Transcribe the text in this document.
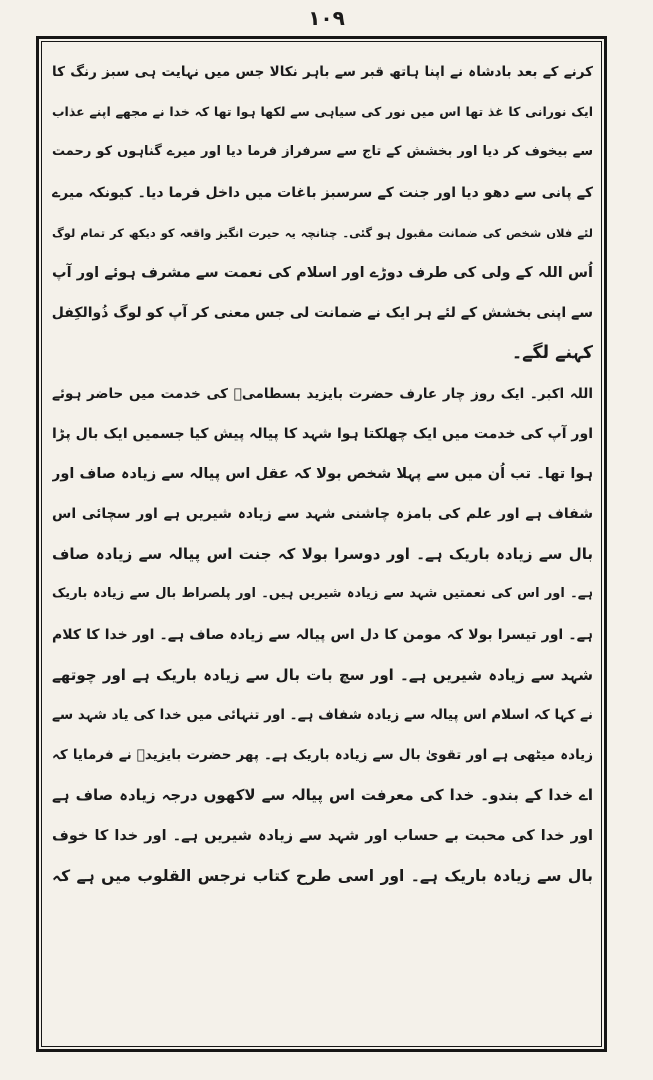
۱۰۹
کرنے کے بعد بادشاہ نے اپنا ہاتھ قبر سے باہر نکالا جس میں نہایت ہی سبز رنگ کا
ایک نورانی کا غذ تھا اس میں نور کی سیاہی سے لکھا ہوا تھا کہ خدا نے مجھے اپنے عذاب
سے بیخوف کر دیا اور بخشش کے تاج سے سرفراز فرما دیا اور میرے گناہوں کو رحمت
کے پانی سے دھو دیا اور جنت کے سرسبز باغات میں داخل فرما دیا۔ کیونکہ میرے
لئے فلاں شخص کی ضمانت مقبول ہو گئی۔ چنانچہ یہ حیرت انگیز واقعہ کو دیکھ کر تمام لوگ
اُس اللہ کے ولی کی طرف دوڑے اور اسلام کی نعمت سے مشرف ہوئے اور آپ
سے اپنی بخشش کے لئے ہر ایک نے ضمانت لی جس معنی کر آپ کو لوگ ذُوالکِفل
کہنے لگے۔
اللہ اکبر۔ ایک روز چار عارف حضرت بایزید بسطامیؒ کی خدمت میں حاضر ہوئے
اور آپ کی خدمت میں ایک چھلکتا ہوا شہد کا پیالہ پیش کیا جسمیں ایک بال پڑا
ہوا تھا۔ تب اُن میں سے پہلا شخص بولا کہ عقل اس پیالہ سے زیادہ صاف اور
شفاف ہے اور علم کی بامزہ چاشنی شہد سے زیادہ شیریں ہے اور سچائی اس
بال سے زیادہ باریک ہے۔ اور دوسرا بولا کہ جنت اس پیالہ سے زیادہ صاف
ہے۔ اور اس کی نعمتیں شہد سے زیادہ شیریں ہیں۔ اور پلصراط بال سے زیادہ باریک
ہے۔ اور تیسرا بولا کہ مومن کا دل اس پیالہ سے زیادہ صاف ہے۔ اور خدا کا کلام
شہد سے زیادہ شیریں ہے۔ اور سچ بات بال سے زیادہ باریک ہے اور چوتھے
نے کہا کہ اسلام اس پیالہ سے زیادہ شفاف ہے۔ اور تنہائی میں خدا کی یاد شہد سے
زیادہ میٹھی ہے اور تقویٰ بال سے زیادہ باریک ہے۔ پھر حضرت بایزیدؒ نے فرمایا کہ
اے خدا کے بندو۔ خدا کی معرفت اس پیالہ سے لاکھوں درجہ زیادہ صاف ہے
اور خدا کی محبت بے حساب اور شہد سے زیادہ شیریں ہے۔ اور خدا کا خوف
بال سے زیادہ باریک ہے۔ اور اسی طرح کتاب نرجس القلوب میں ہے کہ
